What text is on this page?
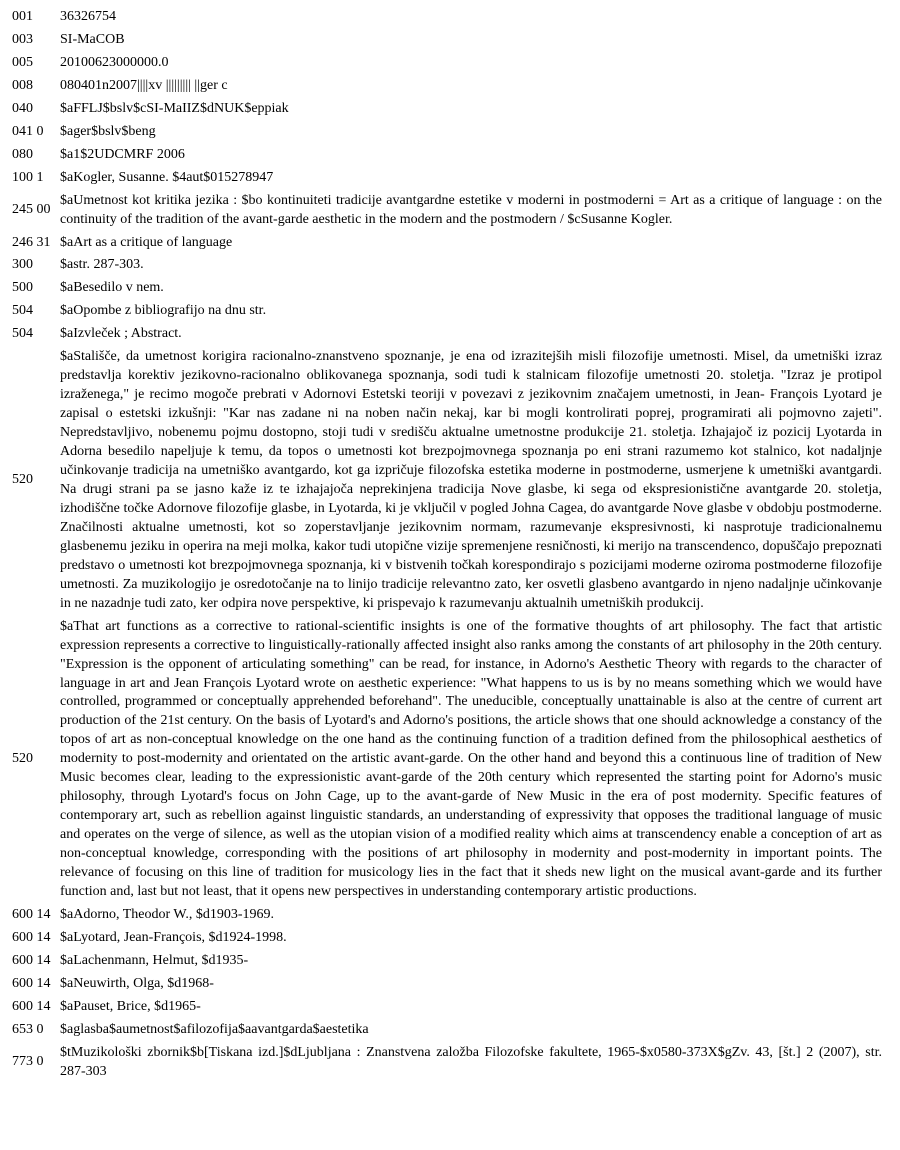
001	36326754
003	SI-MaCOB
005	20100623000000.0
008	080401n2007||||xv ||||||||| ||ger c
040	$aFFLJ$bslv$cSI-MaIIZ$dNUK$eppiak
041 0	$ager$bslv$beng
080	$a1$2UDCMRF 2006
100 1	$aKogler, Susanne. $4aut$015278947
245 00	$aUmetnost kot kritika jezika : $bo kontinuiteti tradicije avantgardne estetike v moderni in postmoderni = Art as a critique of language : on the continuity of the tradition of the avant-garde aesthetic in the modern and the postmodern / $cSusanne Kogler.
246 31	$aArt as a critique of language
300	$astr. 287-303.
500	$aBesedilo v nem.
504	$aOpombe z bibliografijo na dnu str.
504	$aIzvleček ; Abstract.
520	$aStališče, da umetnost korigira racionalno-znanstveno spoznanje, je ena od izrazitejših misli filozofije umetnosti. Misel, da umetniški izraz predstavlja korektiv jezikovno-racionalno oblikovanega spoznanja, sodi tudi k stalnicam filozofije umetnosti 20. stoletja. "Izraz je protipol izraženega," je recimo mogoče prebrati v Adornovi Estetski teoriji v povezavi z jezikovnim značajem umetnosti, in Jean- François Lyotard je zapisal o estetski izkušnji: "Kar nas zadane ni na noben način nekaj, kar bi mogli kontrolirati poprej, programirati ali pojmovno zajeti". Nepredstavljivo, nobenemu pojmu dostopno, stoji tudi v središču aktualne umetnostne produkcije 21. stoletja. Izhajajoč iz pozicij Lyotarda in Adorna besedilo napeljuje k temu, da topos o umetnosti kot brezpojmovnega spoznanja po eni strani razumemo kot stalnico, kot nadaljnje učinkovanje tradicija na umetniško avantgardo, kot ga izpričuje filozofska estetika moderne in postmoderne, usmerjene k umetniški avantgardi. Na drugi strani pa se jasno kaže iz te izhajajoča neprekinjena tradicija Nove glasbe, ki sega od ekspresionistične avantgarde 20. stoletja, izhodiščne točke Adornove filozofije glasbe, in Lyotarda, ki je vključil v pogled Johna Cagea, do avantgarde Nove glasbe v obdobju postmoderne. Značilnosti aktualne umetnosti, kot so zoperstavljanje jezikovnim normam, razumevanje ekspresivnosti, ki nasprotuje tradicionalnemu glasbenemu jeziku in operira na meji molka, kakor tudi utopične vizije spremenjene resničnosti, ki merijo na transcendenco, dopuščajo prepoznati predstavo o umetnosti kot brezpojmovnega spoznanja, ki v bistvenih točkah korespondirajo s pozicijami moderne oziroma postmoderne filozofije umetnosti. Za muzikologijo je osredotočanje na to linijo tradicije relevantno zato, ker osvetli glasbeno avantgardo in njeno nadaljnje učinkovanje in ne nazadnje tudi zato, ker odpira nove perspektive, ki prispevajo k razumevanju aktualnih umetniških produkcij.
520	$aThat art functions as a corrective to rational-scientific insights is one of the formative thoughts of art philosophy. The fact that artistic expression represents a corrective to linguistically-rationally affected insight also ranks among the constants of art philosophy in the 20th century. "Expression is the opponent of articulating something" can be read, for instance, in Adorno's Aesthetic Theory with regards to the character of language in art and Jean François Lyotard wrote on aesthetic experience: "What happens to us is by no means something which we would have controlled, programmed or conceptually apprehended beforehand". The uneducible, conceptually unattainable is also at the centre of current art production of the 21st century. On the basis of Lyotard's and Adorno's positions, the article shows that one should acknowledge a constancy of the topos of art as non-conceptual knowledge on the one hand as the continuing function of a tradition defined from the philosophical aesthetics of modernity to post-modernity and orientated on the artistic avant-garde. On the other hand and beyond this a continuous line of tradition of New Music becomes clear, leading to the expressionistic avant-garde of the 20th century which represented the starting point for Adorno's music philosophy, through Lyotard's focus on John Cage, up to the avant-garde of New Music in the era of post modernity. Specific features of contemporary art, such as rebellion against linguistic standards, an understanding of expressivity that opposes the traditional language of music and operates on the verge of silence, as well as the utopian vision of a modified reality which aims at transcendency enable a conception of art as non-conceptual knowledge, corresponding with the positions of art philosophy in modernity and post-modernity in important points. The relevance of focusing on this line of tradition for musicology lies in the fact that it sheds new light on the musical avant-garde and its further function and, last but not least, that it opens new perspectives in understanding contemporary artistic productions.
600 14	$aAdorno, Theodor W., $d1903-1969.
600 14	$aLyotard, Jean-François, $d1924-1998.
600 14	$aLachenmann, Helmut, $d1935-
600 14	$aNeuwirth, Olga, $d1968-
600 14	$aPauset, Brice, $d1965-
653 0	$aglasba$aumetnost$afilozofija$aavantgarda$aestetika
773 0	$tMuzikološki zbornik$b[Tiskana izd.]$dLjubljana : Znanstvena založba Filozofske fakultete, 1965-$x0580-373X$gZv. 43, [št.] 2 (2007), str. 287-303
